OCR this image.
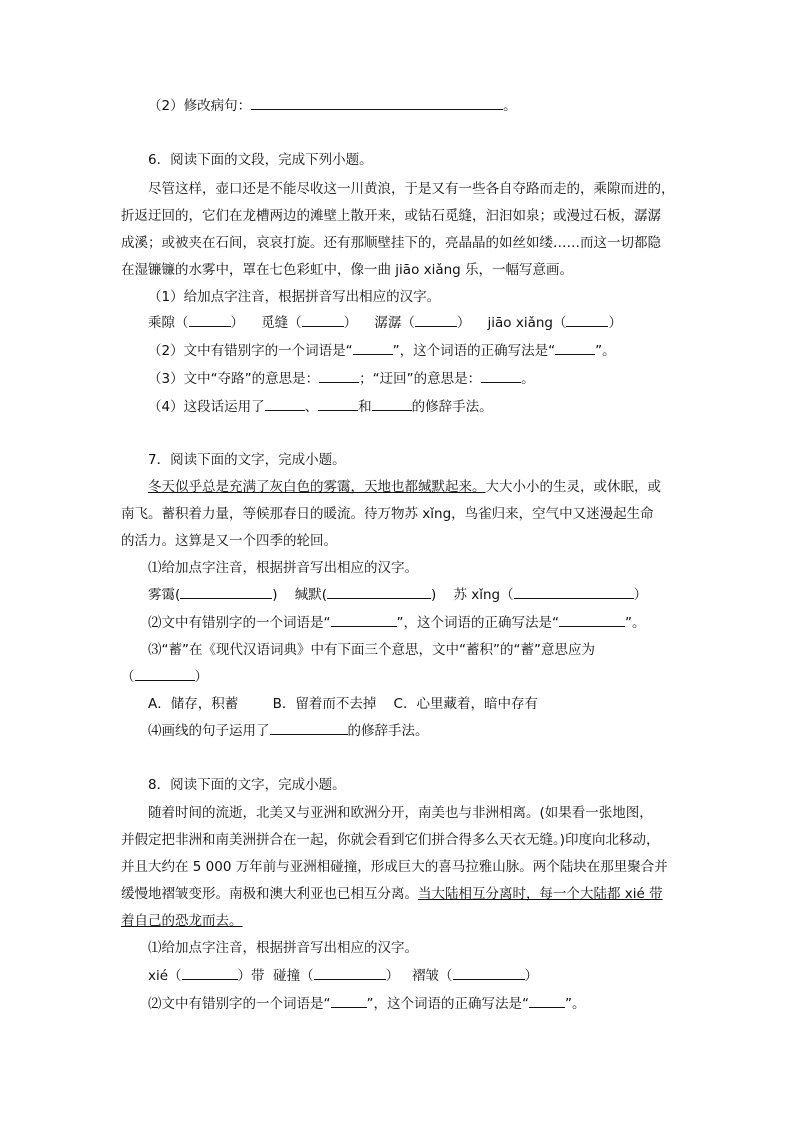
（2）修改病句：	。
6．阅读下面的文段，完成下列小题。
尽管这样，壶口还是不能尽收这一川黄浪，于是又有一些各自夺路而走的，乘隙而进的，
折返迂回的，它们在龙槽两边的滩壁上散开来，或钻石觅缝，汩汩如泉；或漫过石板，潺潺
成溪；或被夹在石间，哀哀打旋。还有那顺壁挂下的，亮晶晶的如丝如缕……而这一切都隐
在湿镰镰的水雾中，罩在七色彩虹中，像一曲 jiāo xiǎng 乐，一幅写意画。
（1）给加点字注音，根据拼音写出相应的汉字。
乘隙（	） 觅缝（	） 潺潺（	） jiāo xiǎng（	）
（2）文中有错别字的一个词语是“	”，这个词语的正确写法是“	”。
（3）文中“夺路”的意思是：	；“迂回”的意思是：	。
（4）这段话运用了	、	和	的修辞手法。
7．阅读下面的文字，完成小题。
冬天似乎总是充满了灰白色的雾霭，天地也都缄默起来。大大小小的生灵，或休眠，或
南飞。蓄积着力量，等候那春日的暖流。待万物苏 xǐng，鸟雀归来，空气中又迷漫起生命
的活力。这算是又一个四季的轮回。
⑴给加点字注音，根据拼音写出相应的汉字。
雾霭(	) 缄默(	) 苏 xǐng（	）
⑵文中有错别字的一个词语是“	”，这个词语的正确写法是“	”。
⑶“蓄”在《现代汉语词典》中有下面三个意思，文中“蓄积”的“蓄”意思应为
（	）
A．储存，积蓄	B．留着而不去掉 C．心里藏着，暗中存有
⑷画线的句子运用了	的修辞手法。
8．阅读下面的文字，完成小题。
随着时间的流逝，北美又与亚洲和欧洲分开，南美也与非洲相离。(如果看一张地图，
并假定把非洲和南美洲拼合在一起，你就会看到它们拼合得多么天衣无缝。)印度向北移动，
并且大约在 5 000 万年前与亚洲相碰撞，形成巨大的喜马拉雅山脉。两个陆块在那里聚合并
缓慢地褶皱变形。南极和澳大利亚也已相互分离。当大陆相互分离时，每一个大陆都 xié 带
着自己的恐龙而去。
⑴给加点字注音，根据拼音写出相应的汉字。
xié（	）带 碰撞（	） 褶皱（	）
⑵文中有错别字的一个词语是“	”，这个词语的正确写法是“	”。
